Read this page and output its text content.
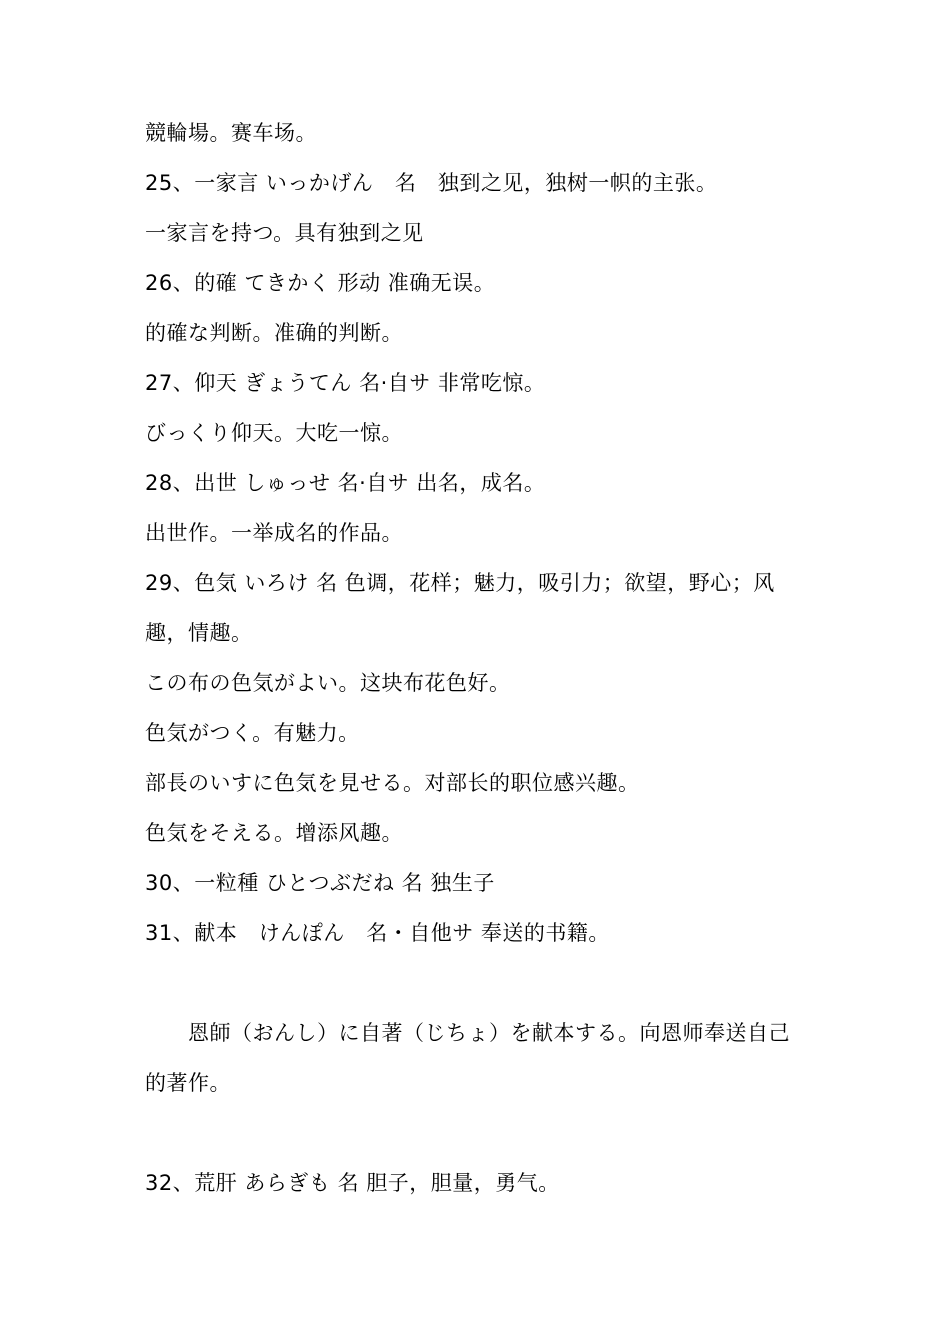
競輪場。赛车场。
25、一家言 いっかげん　名　独到之见，独树一帜的主张。
一家言を持つ。具有独到之见
26、的確 てきかく 形动 准确无误。
的確な判断。准确的判断。
27、仰天 ぎょうてん 名·自サ 非常吃惊。
びっくり仰天。大吃一惊。
28、出世 しゅっせ 名·自サ 出名，成名。
出世作。一举成名的作品。
29、色気 いろけ 名 色调，花样；魅力，吸引力；欲望，野心；风
趣，情趣。
この布の色気がよい。这块布花色好。
色気がつく。有魅力。
部長のいすに色気を見せる。对部长的职位感兴趣。
色気をそえる。增添风趣。
30、一粒種 ひとつぶだね 名 独生子
31、献本　けんぽん　名・自他サ 奉送的书籍。
　　恩師（おんし）に自著（じちょ）を献本する。向恩师奉送自己
的著作。
32、荒肝 あらぎも 名 胆子，胆量，勇气。
